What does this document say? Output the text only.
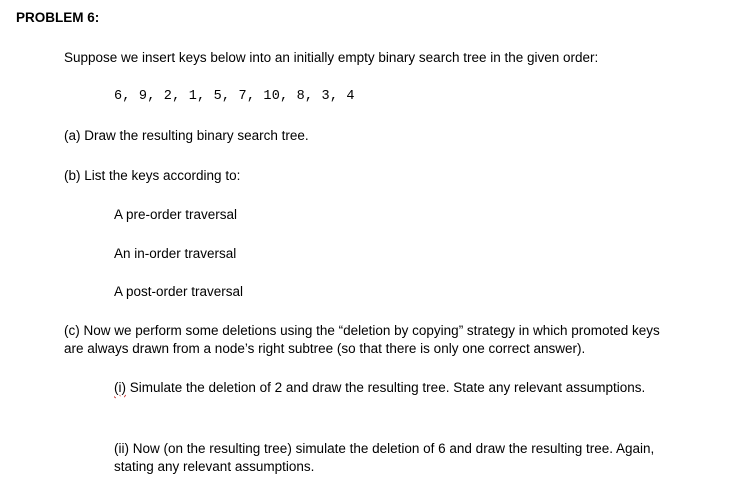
PROBLEM 6:
Suppose we insert keys below into an initially empty binary search tree in the given order:
6, 9, 2, 1, 5, 7, 10, 8, 3, 4
(a) Draw the resulting binary search tree.
(b) List the keys according to:
A pre-order traversal
An in-order traversal
A post-order traversal
(c) Now we perform some deletions using the “deletion by copying” strategy in which promoted keys
are always drawn from a node’s right subtree (so that there is only one correct answer).
(i) Simulate the deletion of 2 and draw the resulting tree. State any relevant assumptions.
(ii) Now (on the resulting tree) simulate the deletion of 6 and draw the resulting tree. Again,
stating any relevant assumptions.
